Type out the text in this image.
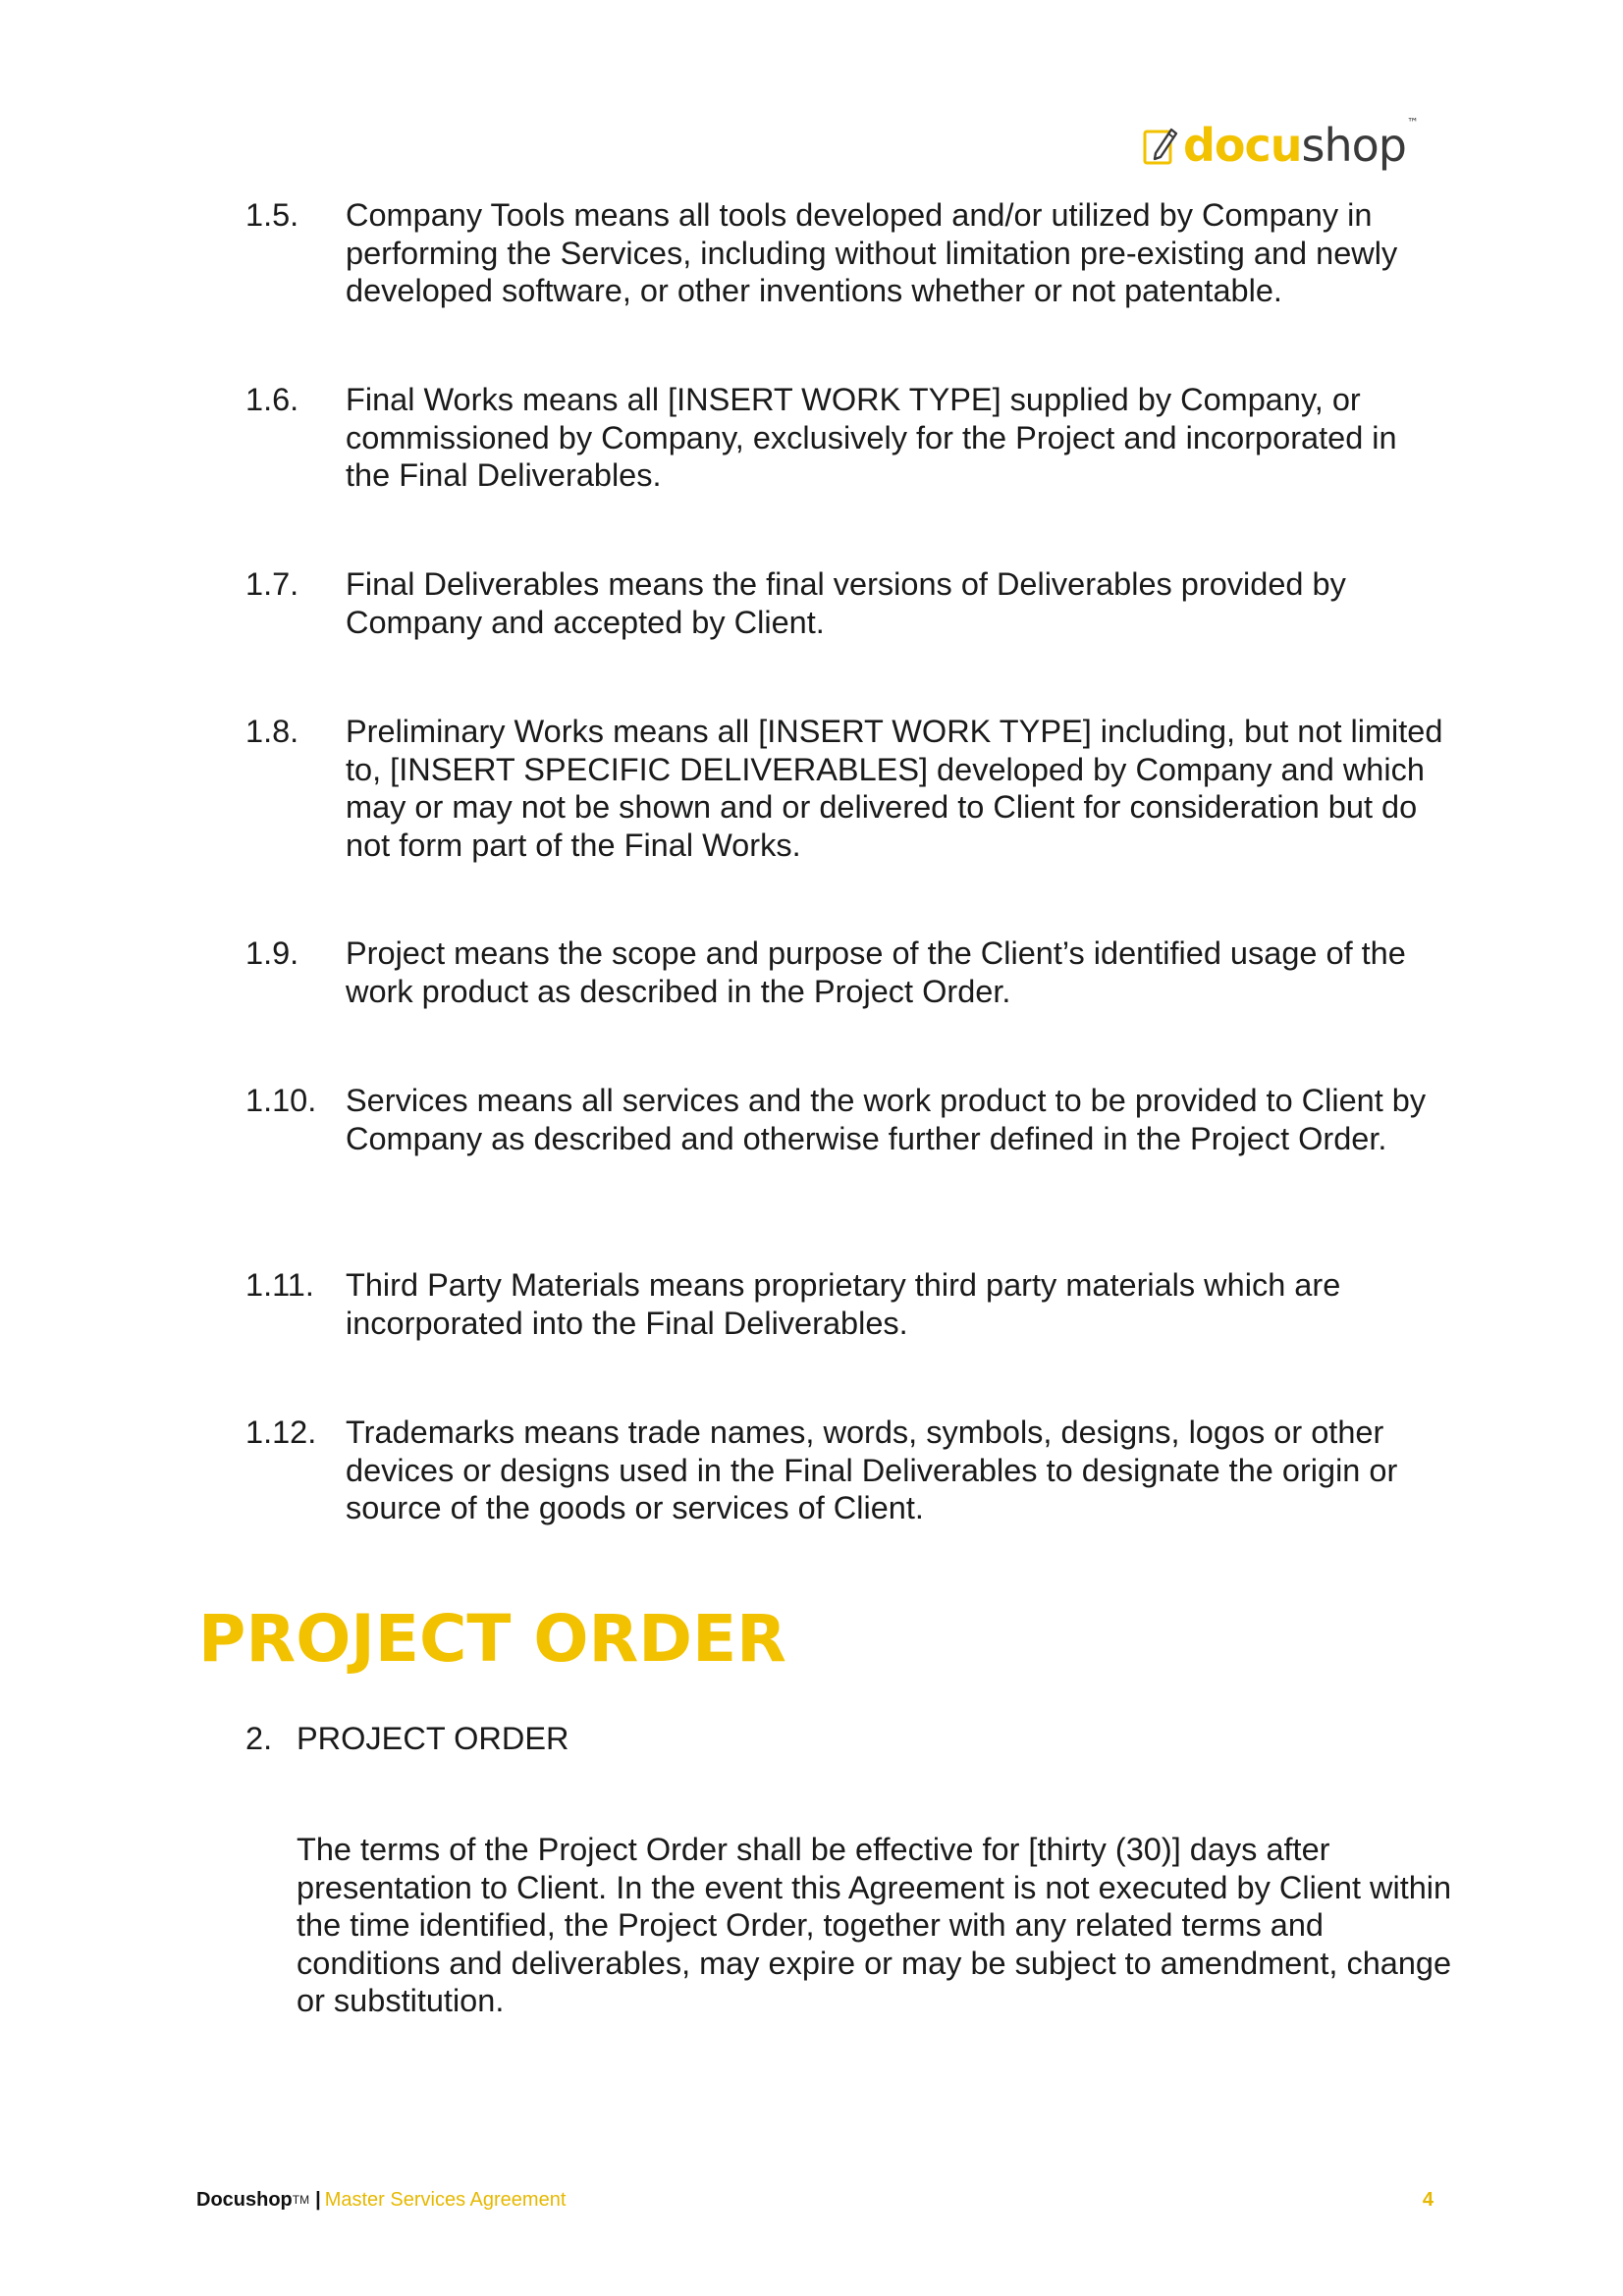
docushop™
1.5. Company Tools means all tools developed and/or utilized by Company in performing the Services, including without limitation pre-existing and newly developed software, or other inventions whether or not patentable.
1.6. Final Works means all [INSERT WORK TYPE] supplied by Company, or commissioned by Company, exclusively for the Project and incorporated in the Final Deliverables.
1.7. Final Deliverables means the final versions of Deliverables provided by Company and accepted by Client.
1.8. Preliminary Works means all [INSERT WORK TYPE] including, but not limited to, [INSERT SPECIFIC DELIVERABLES] developed by Company and which may or may not be shown and or delivered to Client for consideration but do not form part of the Final Works.
1.9. Project means the scope and purpose of the Client’s identified usage of the work product as described in the Project Order.
1.10. Services means all services and the work product to be provided to Client by Company as described and otherwise further defined in the Project Order.
1.11. Third Party Materials means proprietary third party materials which are incorporated into the Final Deliverables.
1.12. Trademarks means trade names, words, symbols, designs, logos or other devices or designs used in the Final Deliverables to designate the origin or source of the goods or services of Client.
PROJECT ORDER
2. PROJECT ORDER
The terms of the Project Order shall be effective for [thirty (30)] days after presentation to Client. In the event this Agreement is not executed by Client within the time identified, the Project Order, together with any related terms and conditions and deliverables, may expire or may be subject to amendment, change or substitution.
Docushop™ | Master Services Agreement	4
